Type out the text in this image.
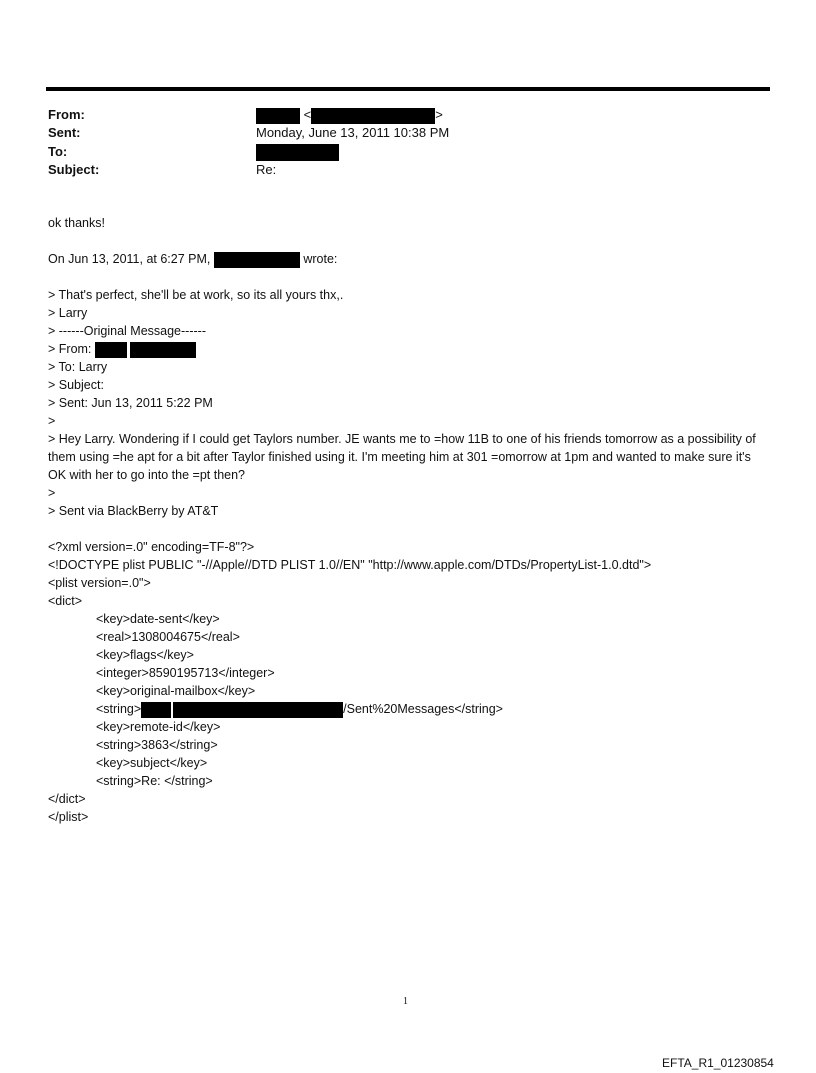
From:	<	>
Sent:	Monday, June 13, 2011 10:38 PM
To:
Subject:	Re:
ok thanks!
On Jun 13, 2011, at 6:27 PM,	wrote:
> That's perfect, she'll be at work, so its all yours thx,.
> Larry
> ------Original Message------
> From:
> To: Larry
> Subject:
> Sent: Jun 13, 2011 5:22 PM
>
> Hey Larry. Wondering if I could get Taylors number. JE wants me to =how 11B to one of his friends tomorrow as a possibility of them using =he apt for a bit after Taylor finished using it. I'm meeting him at 301 =omorrow at 1pm and wanted to make sure it's OK with her to go into the =pt then?
>
> Sent via BlackBerry by AT&T
<?xml version=.0" encoding=TF-8"?>
<!DOCTYPE plist PUBLIC "-//Apple//DTD PLIST 1.0//EN" "http://www.apple.com/DTDs/PropertyList-1.0.dtd">
<plist version=.0">
<dict>
<key>date-sent</key>
<real>1308004675</real>
<key>flags</key>
<integer>8590195713</integer>
<key>original-mailbox</key>
<string>	/Sent%20Messages</string>
<key>remote-id</key>
<string>3863</string>
<key>subject</key>
<string>Re: </string>
</dict>
</plist>
1
EFTA_R1_01230854
